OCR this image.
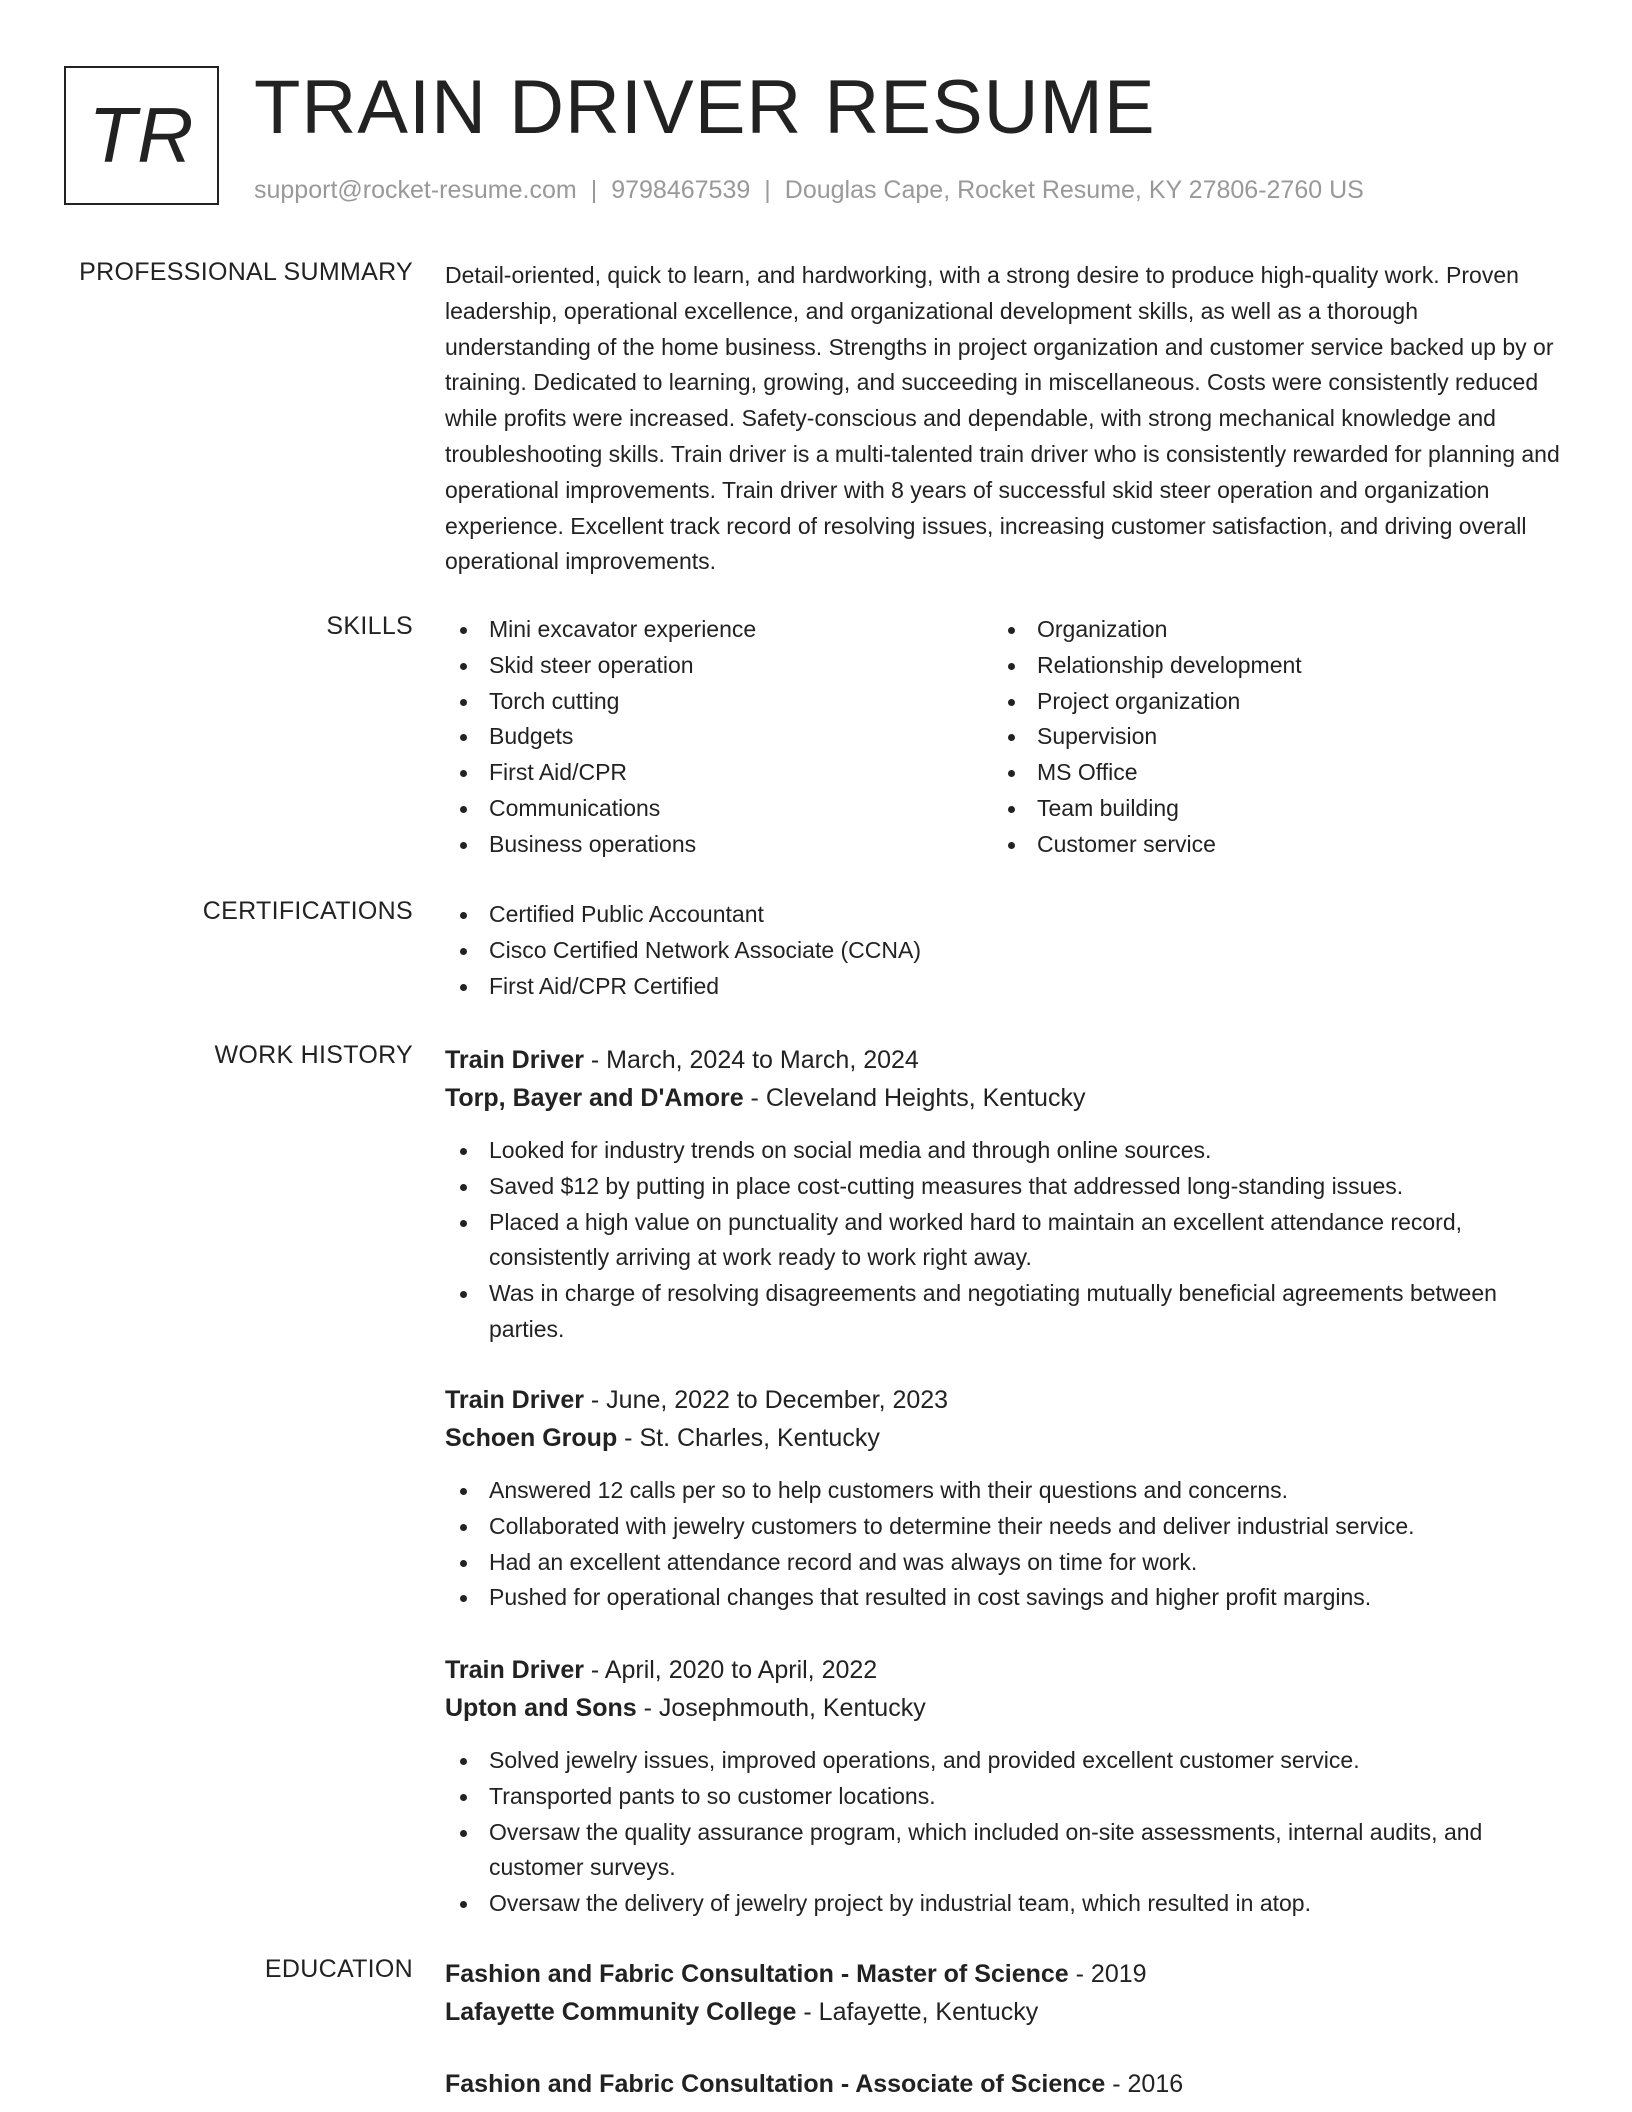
TR TRAIN DRIVER RESUME
support@rocket-resume.com | 9798467539 | Douglas Cape, Rocket Resume, KY 27806-2760 US
PROFESSIONAL SUMMARY Detail-oriented, quick to learn, and hardworking, with a strong desire to produce high-quality work. Proven leadership, operational excellence, and organizational development skills, as well as a thorough understanding of the home business. Strengths in project organization and customer service backed up by or training. Dedicated to learning, growing, and succeeding in miscellaneous. Costs were consistently reduced while profits were increased. Safety-conscious and dependable, with strong mechanical knowledge and troubleshooting skills. Train driver is a multi-talented train driver who is consistently rewarded for planning and operational improvements. Train driver with 8 years of successful skid steer operation and organization experience. Excellent track record of resolving issues, increasing customer satisfaction, and driving overall operational improvements.

SKILLS	Mini excavator experience
Skid steer operation
Torch cutting
Budgets
First Aid/CPR
Communications
Business operations
Organization
Relationship development
Project organization
Supervision
MS Office
Team building
Customer service
CERTIFICATIONS	Certified Public Accountant
Cisco Certified Network Associate (CCNA)
First Aid/CPR Certified
WORK HISTORY Train Driver - March, 2024 to March, 2024
Torp, Bayer and D'Amore - Cleveland Heights, Kentucky
Looked for industry trends on social media and through online sources.
Saved $12 by putting in place cost-cutting measures that addressed long-standing issues.
Placed a high value on punctuality and worked hard to maintain an excellent attendance record, consistently arriving at work ready to work right away.
Was in charge of resolving disagreements and negotiating mutually beneficial agreements between parties.
Train Driver - June, 2022 to December, 2023
Schoen Group - St. Charles, Kentucky
Answered 12 calls per so to help customers with their questions and concerns.
Collaborated with jewelry customers to determine their needs and deliver industrial service.
Had an excellent attendance record and was always on time for work.
Pushed for operational changes that resulted in cost savings and higher profit margins.
Train Driver - April, 2020 to April, 2022
Upton and Sons - Josephmouth, Kentucky
Solved jewelry issues, improved operations, and provided excellent customer service.
Transported pants to so customer locations.
Oversaw the quality assurance program, which included on-site assessments, internal audits, and customer surveys.
Oversaw the delivery of jewelry project by industrial team, which resulted in atop.
EDUCATION Fashion and Fabric Consultation - Master of Science - 2019
Lafayette Community College - Lafayette, Kentucky
Fashion and Fabric Consultation - Associate of Science - 2016
